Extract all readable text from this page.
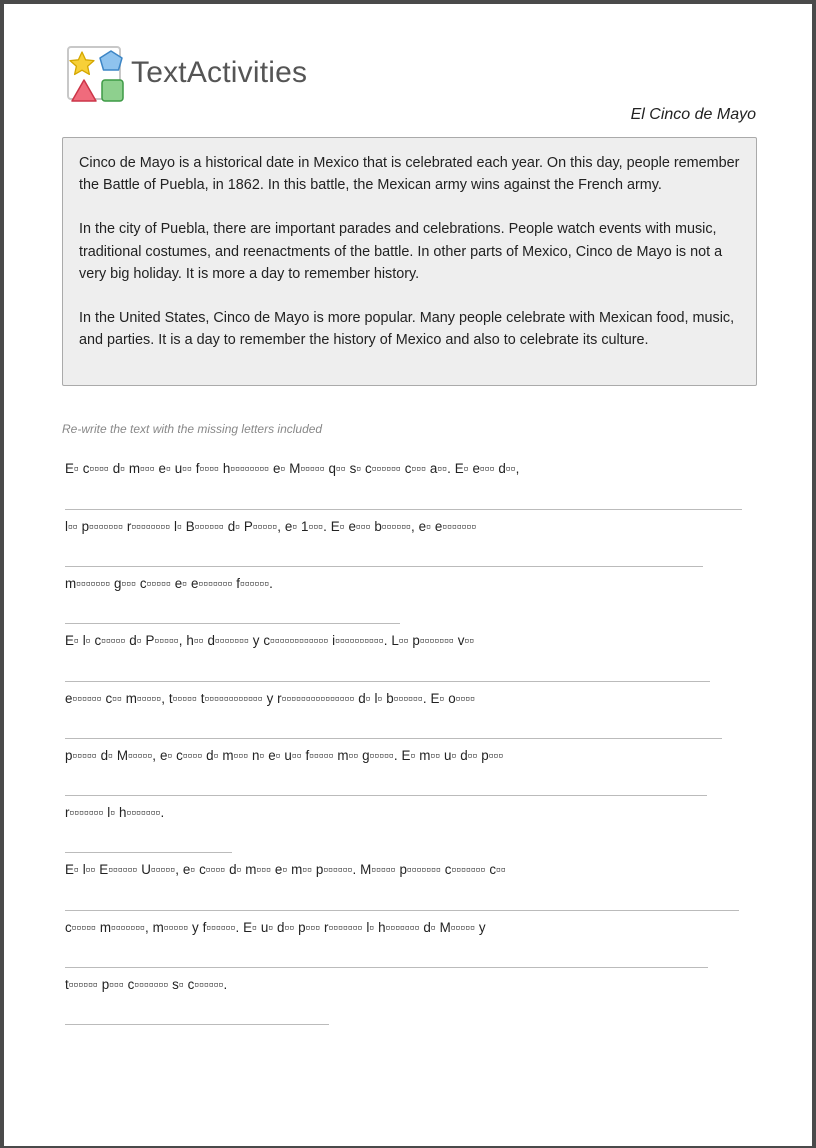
TextActivities
El Cinco de Mayo

Cinco de Mayo is a historical date in Mexico that is celebrated each year. On this day, people remember the Battle of Puebla, in 1862. In this battle, the Mexican army wins against the French army.

In the city of Puebla, there are important parades and celebrations. People watch events with music, traditional costumes, and reenactments of the battle. In other parts of Mexico, Cinco de Mayo is not a very big holiday. It is more a day to remember history.

In the United States, Cinco de Mayo is more popular. Many people celebrate with Mexican food, music, and parties. It is a day to remember the history of Mexico and also to celebrate its culture.

Re-write the text with the missing letters included
E▫ c▫▫▫▫ d▫ m▫▫▫ e▫ u▫▫ f▫▫▫▫ h▫▫▫▫▫▫▫▫ e▫ M▫▫▫▫▫ q▫▫ s▫ c▫▫▫▫▫▫ c▫▫▫ a▫▫. E▫ e▫▫▫ d▫▫,
l▫▫ p▫▫▫▫▫▫▫ r▫▫▫▫▫▫▫▫ l▫ B▫▫▫▫▫▫ d▫ P▫▫▫▫▫, e▫ 1▫▫▫. E▫ e▫▫▫ b▫▫▫▫▫▫, e▫ e▫▫▫▫▫▫▫
m▫▫▫▫▫▫▫ g▫▫▫ c▫▫▫▫▫ e▫ e▫▫▫▫▫▫▫ f▫▫▫▫▫▫.
E▫ l▫ c▫▫▫▫▫ d▫ P▫▫▫▫▫, h▫▫ d▫▫▫▫▫▫▫ y c▫▫▫▫▫▫▫▫▫▫▫▫ i▫▫▫▫▫▫▫▫▫▫. L▫▫ p▫▫▫▫▫▫▫ v▫▫
e▫▫▫▫▫▫ c▫▫ m▫▫▫▫▫, t▫▫▫▫▫ t▫▫▫▫▫▫▫▫▫▫▫▫ y r▫▫▫▫▫▫▫▫▫▫▫▫▫▫▫ d▫ l▫ b▫▫▫▫▫▫. E▫ o▫▫▫▫
p▫▫▫▫▫ d▫ M▫▫▫▫▫, e▫ c▫▫▫▫ d▫ m▫▫▫ n▫ e▫ u▫▫ f▫▫▫▫▫ m▫▫ g▫▫▫▫▫. E▫ m▫▫ u▫ d▫▫ p▫▫▫
r▫▫▫▫▫▫▫ l▫ h▫▫▫▫▫▫▫.
E▫ l▫▫ E▫▫▫▫▫▫ U▫▫▫▫▫, e▫ c▫▫▫▫ d▫ m▫▫▫ e▫ m▫▫ p▫▫▫▫▫▫. M▫▫▫▫▫ p▫▫▫▫▫▫▫ c▫▫▫▫▫▫▫ c▫▫
c▫▫▫▫▫ m▫▫▫▫▫▫▫, m▫▫▫▫▫ y f▫▫▫▫▫▫. E▫ u▫ d▫▫ p▫▫▫ r▫▫▫▫▫▫▫ l▫ h▫▫▫▫▫▫▫ d▫ M▫▫▫▫▫ y
t▫▫▫▫▫▫ p▫▫▫ c▫▫▫▫▫▫▫ s▫ c▫▫▫▫▫▫.
